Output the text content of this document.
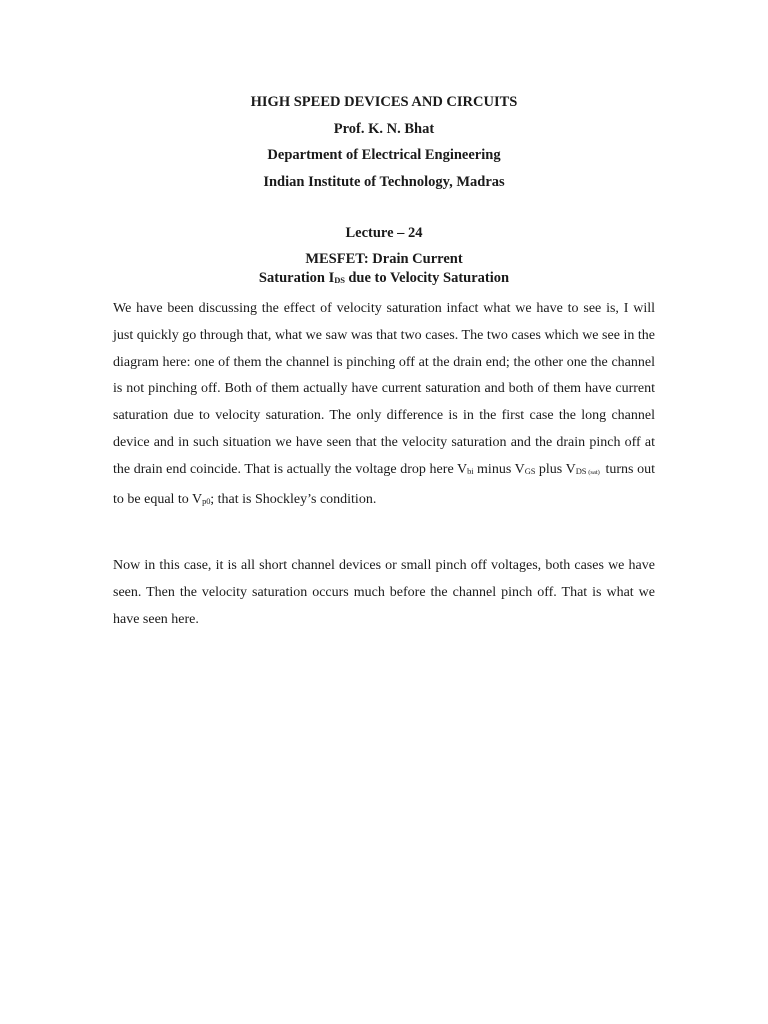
HIGH SPEED DEVICES AND CIRCUITS
Prof. K. N. Bhat
Department of Electrical Engineering
Indian Institute of Technology, Madras
Lecture – 24
MESFET: Drain Current
Saturation IDS due to Velocity Saturation

We have been discussing the effect of velocity saturation infact what we have to see is, I will just quickly go through that, what we saw was that two cases. The two cases which we see in the diagram here: one of them the channel is pinching off at the drain end; the other one the channel is not pinching off. Both of them actually have current saturation and both of them have current saturation due to velocity saturation. The only difference is in the first case the long channel device and in such situation we have seen that the velocity saturation and the drain pinch off at the drain end coincide. That is actually the voltage drop here $V_{bi}$ minus $V_{GS}$ plus $V_{DS}$ $_{(sat)}$ turns out to be equal to $V_{p0}$; that is Shockley’s condition.

Now in this case, it is all short channel devices or small pinch off voltages, both cases we have seen. Then the velocity saturation occurs much before the channel pinch off. That is what we have seen here.
